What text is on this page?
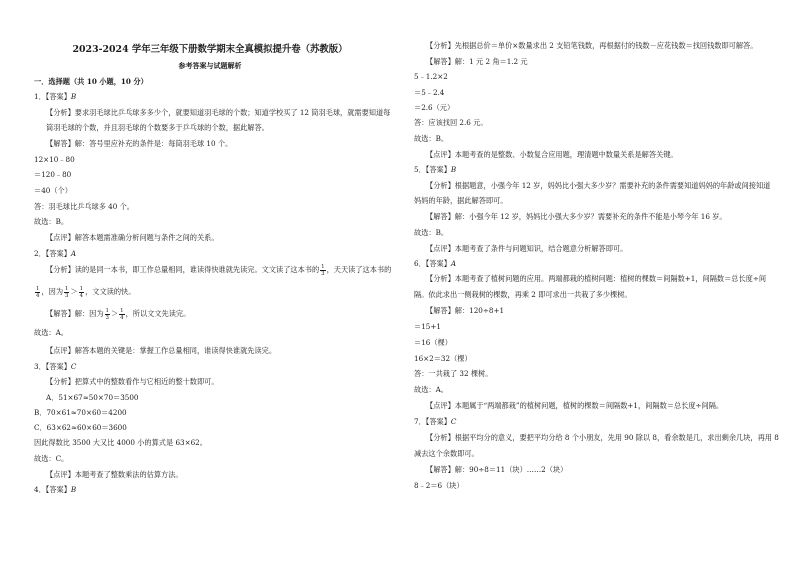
2023-2024 学年三年级下册数学期末全真模拟提升卷（苏教版）
参考答案与试题解析
一．选择题（共 10 小题，10 分）
1．【答案】B
【分析】要求羽毛球比乒乓球多多少个，就要知道羽毛球的个数；知道学校买了 12 筒羽毛球，就需要知道每
筒羽毛球的个数，并且羽毛球的个数要多于乒乓球的个数，据此解答。
【解答】解：答号里应补充的条件是：每筒羽毛球 10 个。
12×10﹣80
＝120﹣80
＝40（个）
答：羽毛球比乒乓球多 40 个。
故选：B。
【点评】解答本题需准确分析问题与条件之间的关系。
2．【答案】A
【分析】读的是同一本书，即工作总量相同，谁读得快谁就先读完。文文读了这本书的 $\frac{1}{3}$ ，天天读了这本书的
$\frac{1}{4}$ ，因为 $\frac{1}{3} > \frac{1}{4}$ ，文文读的快。
【解答】解：因为 $\frac{1}{3} > \frac{1}{4}$ ，所以文文先读完。
故选：A。
【点评】解答本题的关键是：掌握工作总量相同，谁读得快谁就先读完。
3．【答案】C
【分析】把算式中的整数看作与它相近的整十数即可。
A．51×67≈50×70＝3500
B．70×61≈70×60＝4200
C．63×62≈60×60＝3600
因此得数比 3500 大又比 4000 小的算式是 63×62。
故选：C。
【点评】本题考查了整数乘法的估算方法。
4．【答案】B
【分析】先根据总价＝单价×数量求出 2 支铅笔钱数，再根据付的钱数－应花钱数＝找回钱数即可解答。
【解答】解：1 元 2 角＝1.2 元
5﹣1.2×2
＝5﹣2.4
＝2.6（元）
答：应该找回 2.6 元。
故选：B。
【点评】本题考查的是整数、小数复合应用题，理清题中数量关系是解答关键。
5．【答案】B
【分析】根据题意，小强今年 12 岁，妈妈比小强大多少岁？需要补充的条件需要知道妈妈的年龄或间接知道
妈妈的年龄，据此解答即可。
【解答】解：小强今年 12 岁，妈妈比小强大多少岁？需要补充的条件不能是小琴今年 16 岁。
故选：B。
【点评】本题考查了条件与问题知识，结合题意分析解答即可。
6．【答案】A
【分析】本题考查了植树问题的应用。两端都栽的植树问题：植树的棵数＝间隔数+1，间隔数＝总长度÷间
隔。依此求出一侧栽树的棵数，再乘 2 即可求出一共栽了多少棵树。
【解答】解：120÷8+1
＝15+1
＝16（棵）
16×2＝32（棵）
答：一共栽了 32 棵树。
故选：A。
【点评】本题属于“两端都栽”的植树问题，植树的棵数＝间隔数+1，间隔数＝总长度÷间隔。
7．【答案】C
【分析】根据平均分的意义，要把平均分给 8 个小朋友，先用 90 除以 8，看余数是几，求出剩余几块，再用 8
减去这个余数即可。
【解答】解：90÷8＝11（块）……2（块）
8﹣2＝6（块）
